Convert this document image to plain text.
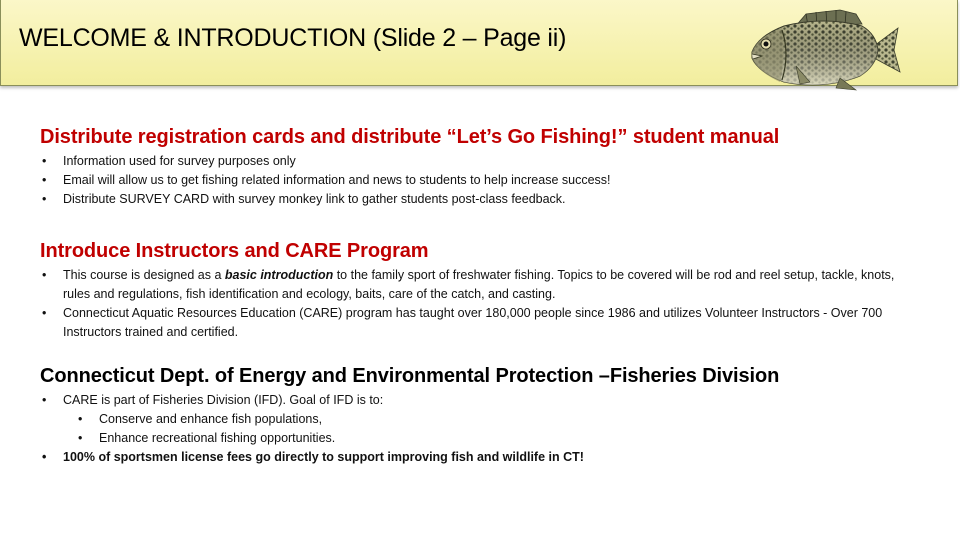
WELCOME & INTRODUCTION (Slide 2 – Page ii)
Distribute registration cards and distribute “Let’s Go Fishing!” student manual
• Information used for survey purposes only
• Email will allow us to get fishing related information and news to students to help increase success!
• Distribute SURVEY CARD with survey monkey link to gather students post-class feedback.
Introduce Instructors and CARE Program
• This course is designed as a basic introduction to the family sport of freshwater fishing. Topics to be covered will be rod and reel setup, tackle, knots, rules and regulations, fish identification and ecology, baits, care of the catch, and casting.
• Connecticut Aquatic Resources Education (CARE) program has taught over 180,000 people since 1986 and utilizes Volunteer Instructors - Over 700 Instructors trained and certified.
Connecticut Dept. of Energy and Environmental Protection –Fisheries Division
• CARE is part of Fisheries Division (IFD). Goal of IFD is to:
• Conserve and enhance fish populations,
• Enhance recreational fishing opportunities.
• 100% of sportsmen license fees go directly to support improving fish and wildlife in CT!
